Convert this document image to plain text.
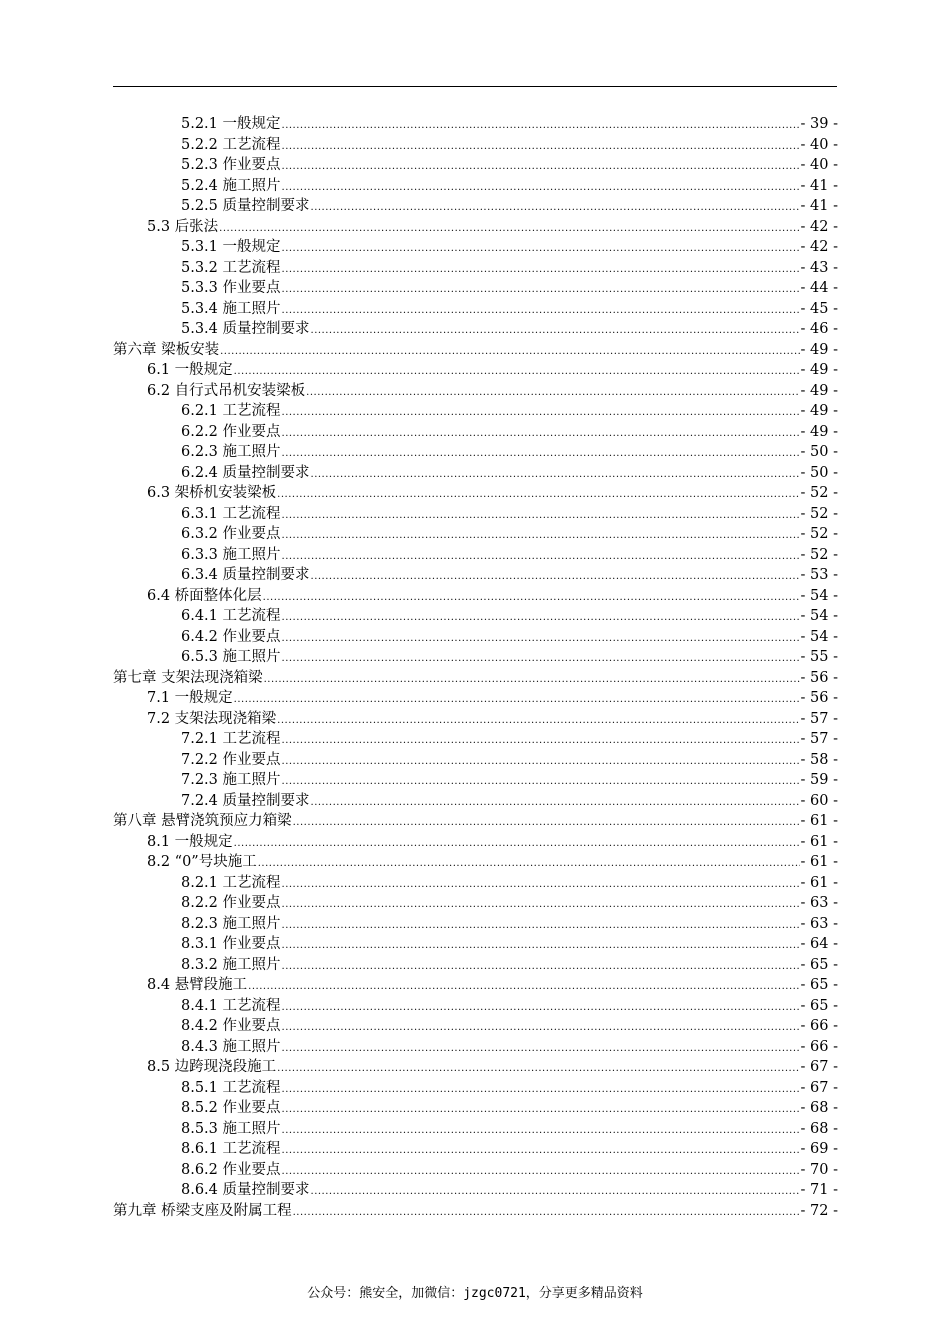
5.2.1 一般规定 .....	- 39 -
5.2.2 工艺流程 .....	- 40 -
5.2.3 作业要点 .....	- 40 -
5.2.4 施工照片 .....	- 41 -
5.2.5 质量控制要求 .....	- 41 -
5.3 后张法 .....	- 42 -
5.3.1 一般规定 .....	- 42 -
5.3.2 工艺流程 .....	- 43 -
5.3.3 作业要点 .....	- 44 -
5.3.4 施工照片 .....	- 45 -
5.3.4 质量控制要求 .....	- 46 -
第六章 梁板安装 .....	- 49 -
6.1 一般规定 .....	- 49 -
6.2 自行式吊机安装梁板 .....	- 49 -
6.2.1 工艺流程 .....	- 49 -
6.2.2 作业要点 .....	- 49 -
6.2.3 施工照片 .....	- 50 -
6.2.4 质量控制要求 .....	- 50 -
6.3 架桥机安装梁板 .....	- 52 -
6.3.1 工艺流程 .....	- 52 -
6.3.2 作业要点 .....	- 52 -
6.3.3 施工照片 .....	- 52 -
6.3.4 质量控制要求 .....	- 53 -
6.4 桥面整体化层 .....	- 54 -
6.4.1 工艺流程 .....	- 54 -
6.4.2 作业要点 .....	- 54 -
6.5.3 施工照片 .....	- 55 -
第七章 支架法现浇箱梁 .....	- 56 -
7.1 一般规定 .....	- 56 -
7.2 支架法现浇箱梁 .....	- 57 -
7.2.1 工艺流程 .....	- 57 -
7.2.2 作业要点 .....	- 58 -
7.2.3 施工照片 .....	- 59 -
7.2.4 质量控制要求 .....	- 60 -
第八章 悬臂浇筑预应力箱梁 .....	- 61 -
8.1 一般规定 .....	- 61 -
8.2 “0”号块施工 .....	- 61 -
8.2.1 工艺流程 .....	- 61 -
8.2.2 作业要点 .....	- 63 -
8.2.3 施工照片 .....	- 63 -
8.3.1 作业要点 .....	- 64 -
8.3.2 施工照片 .....	- 65 -
8.4 悬臂段施工 .....	- 65 -
8.4.1 工艺流程 .....	- 65 -
8.4.2 作业要点 .....	- 66 -
8.4.3 施工照片 .....	- 66 -
8.5 边跨现浇段施工 .....	- 67 -
8.5.1 工艺流程 .....	- 67 -
8.5.2 作业要点 .....	- 68 -
8.5.3 施工照片 .....	- 68 -
8.6.1 工艺流程 .....	- 69 -
8.6.2 作业要点 .....	- 70 -
8.6.4 质量控制要求 .....	- 71 -
第九章 桥梁支座及附属工程 .....	- 72 -
公众号：熊安全，加微信：jzgc0721，分享更多精品资料
